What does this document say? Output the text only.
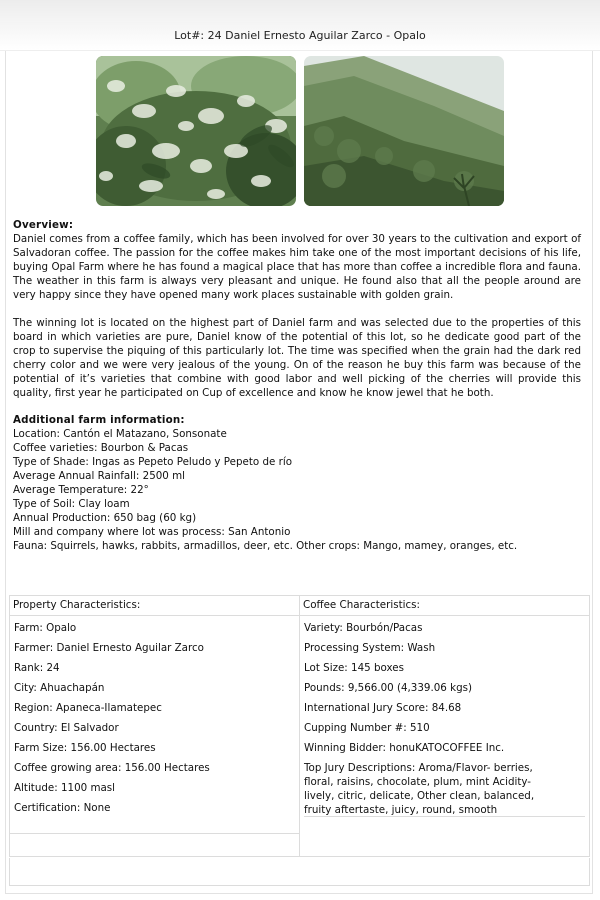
Lot#: 24 Daniel Ernesto Aguilar Zarco - Opalo
Overview:

Daniel comes from a coffee family, which has been involved for over 30 years to the cultivation and export of Salvadoran coffee. The passion for the coffee makes him take one of the most important decisions of his life, buying Opal Farm where he has found a magical place that has more than coffee a incredible flora and fauna. The weather in this farm is always very pleasant and unique. He found also that all the people around are very happy since they have opened many work places sustainable with golden grain.

The winning lot is located on the highest part of Daniel farm and was selected due to the properties of this board in which varieties are pure, Daniel know of the potential of this lot, so he dedicate good part of the crop to supervise the piquing of this particularly lot. The time was specified when the grain had the dark red cherry color and we were very jealous of the young. On of the reason he buy this farm was because of the potential of it’s varieties that combine with good labor and well picking of the cherries will provide this quality, first year he participated on Cup of excellence and know he know jewel that he both.

Additional farm information:
Location: Cantón el Matazano, Sonsonate
Coffee varieties: Bourbon & Pacas
Type of Shade: Ingas as Pepeto Peludo y Pepeto de río
Average Annual Rainfall: 2500 ml
Average Temperature: 22°
Type of Soil: Clay loam
Annual Production: 650 bag (60 kg)
Mill and company where lot was process: San Antonio
Fauna: Squirrels, hawks, rabbits, armadillos, deer, etc. Other crops: Mango, mamey, oranges, etc.
Property Characteristics:
Farm: Opalo
Farmer: Daniel Ernesto Aguilar Zarco
Rank: 24
City: Ahuachapán
Region: Apaneca-Ilamatepec
Country: El Salvador
Farm Size: 156.00 Hectares
Coffee growing area: 156.00 Hectares
Altitude: 1100 masl
Certification: None
Coffee Characteristics:
Variety: Bourbón/Pacas
Processing System: Wash
Lot Size: 145 boxes
Pounds: 9,566.00 (4,339.06 kgs)
International Jury Score: 84.68
Cupping Number #: 510
Winning Bidder: honuKATOCOFFEE Inc.
Top Jury Descriptions: Aroma/Flavor- berries, floral, raisins, chocolate, plum, mint Acidity- lively, citric, delicate, Other clean, balanced, fruity aftertaste, juicy, round, smooth
